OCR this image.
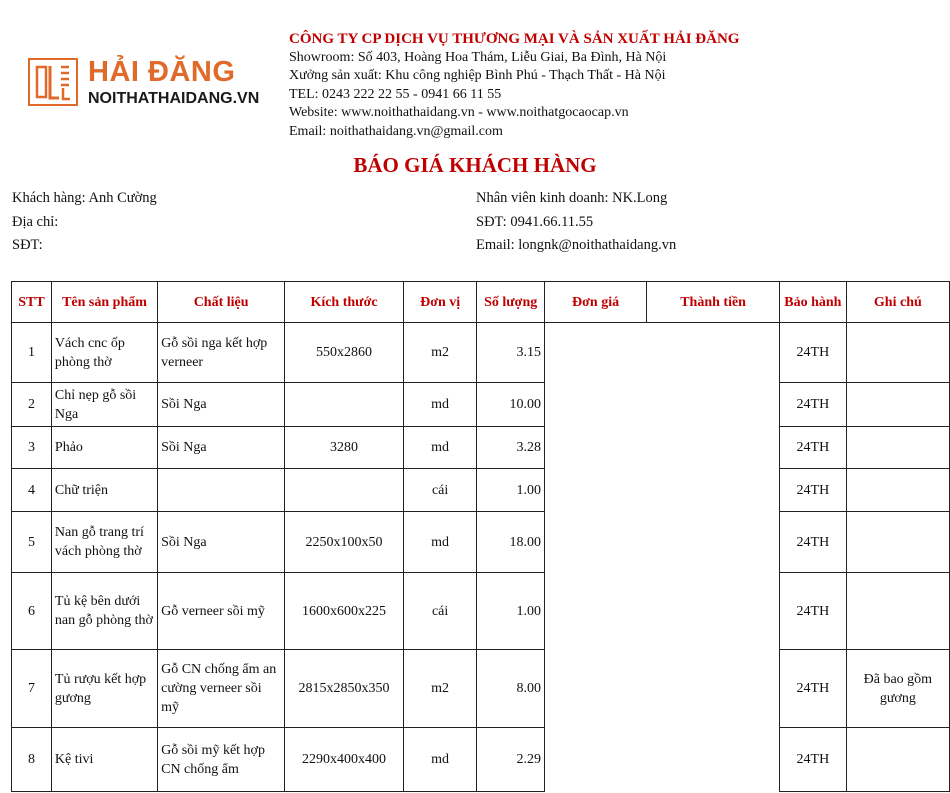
HẢI ĐĂNG
NOITHATHAIDANG.VN
CÔNG TY CP DỊCH VỤ THƯƠNG MẠI VÀ SẢN XUẤT HẢI ĐĂNG
Showroom: Số 403, Hoàng Hoa Thám, Liễu Giai, Ba Đình, Hà Nội
Xưởng sản xuất: Khu công nghiệp Bình Phú - Thạch Thất - Hà Nội
TEL: 0243 222 22 55 - 0941 66 11 55
Website: www.noithathaidang.vn - www.noithatgocaocap.vn
Email: noithathaidang.vn@gmail.com
BÁO GIÁ KHÁCH HÀNG
Khách hàng: Anh Cường
Địa chỉ:
SĐT:
Nhân viên kinh doanh: NK.Long
SĐT: 0941.66.11.55
Email: longnk@noithathaidang.vn
STT	Tên sản phẩm	Chất liệu	Kích thước	Đơn vị	Số lượng	Đơn giá	Thành tiền	Bảo hành	Ghi chú
1	Vách cnc ốp phòng thờ	Gỗ sồi nga kết hợp verneer	550x2860	m2	3.15			24TH	
2	Chỉ nẹp gỗ sồi Nga	Sồi Nga		md	10.00			24TH	
3	Phảo	Sồi Nga	3280	md	3.28			24TH	
4	Chữ triện			cái	1.00			24TH	
5	Nan gỗ trang trí vách phòng thờ	Sồi Nga	2250x100x50	md	18.00			24TH	
6	Tủ kệ bên dưới nan gỗ phòng thờ	Gỗ verneer sồi mỹ	1600x600x225	cái	1.00			24TH	
7	Tủ rượu kết hợp gương	Gỗ CN chống ẩm an cường verneer sồi mỹ	2815x2850x350	m2	8.00			24TH	Đã bao gồm gương
8	Kệ tivi	Gỗ sồi mỹ kết hợp CN chống ẩm	2290x400x400	md	2.29			24TH	
